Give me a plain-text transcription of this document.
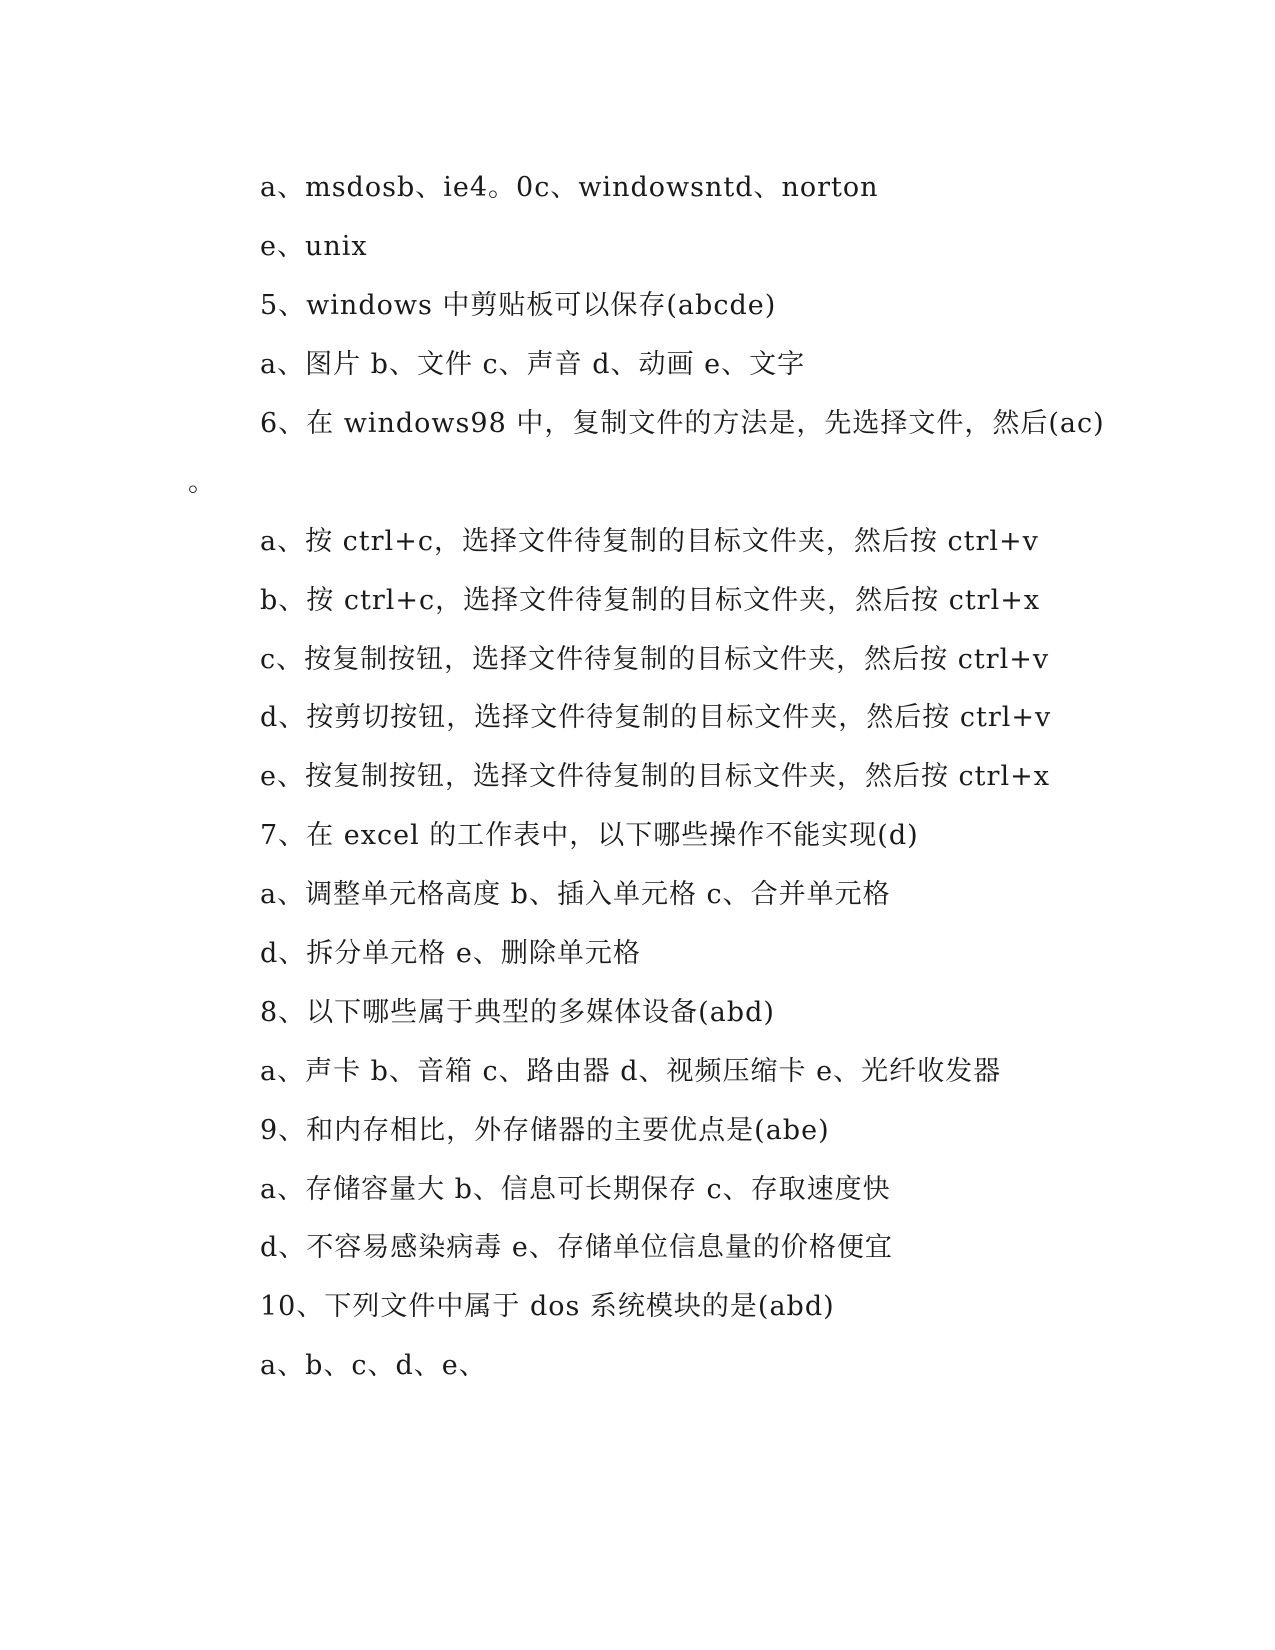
a、msdosb、ie4。0c、windowsntd、norton
e、unix
5、windows 中剪贴板可以保存(abcde)
a、图片 b、文件 c、声音 d、动画 e、文字
6、在 windows98 中，复制文件的方法是，先选择文件，然后(ac)
。
a、按 ctrl+c，选择文件待复制的目标文件夹，然后按 ctrl+v
b、按 ctrl+c，选择文件待复制的目标文件夹，然后按 ctrl+x
c、按复制按钮，选择文件待复制的目标文件夹，然后按 ctrl+v
d、按剪切按钮，选择文件待复制的目标文件夹，然后按 ctrl+v
e、按复制按钮，选择文件待复制的目标文件夹，然后按 ctrl+x
7、在 excel 的工作表中，以下哪些操作不能实现(d)
a、调整单元格高度 b、插入单元格 c、合并单元格
d、拆分单元格 e、删除单元格
8、以下哪些属于典型的多媒体设备(abd)
a、声卡 b、音箱 c、路由器 d、视频压缩卡 e、光纤收发器
9、和内存相比，外存储器的主要优点是(abe)
a、存储容量大 b、信息可长期保存 c、存取速度快
d、不容易感染病毒 e、存储单位信息量的价格便宜
10、下列文件中属于 dos 系统模块的是(abd)
a、b、c、d、e、
